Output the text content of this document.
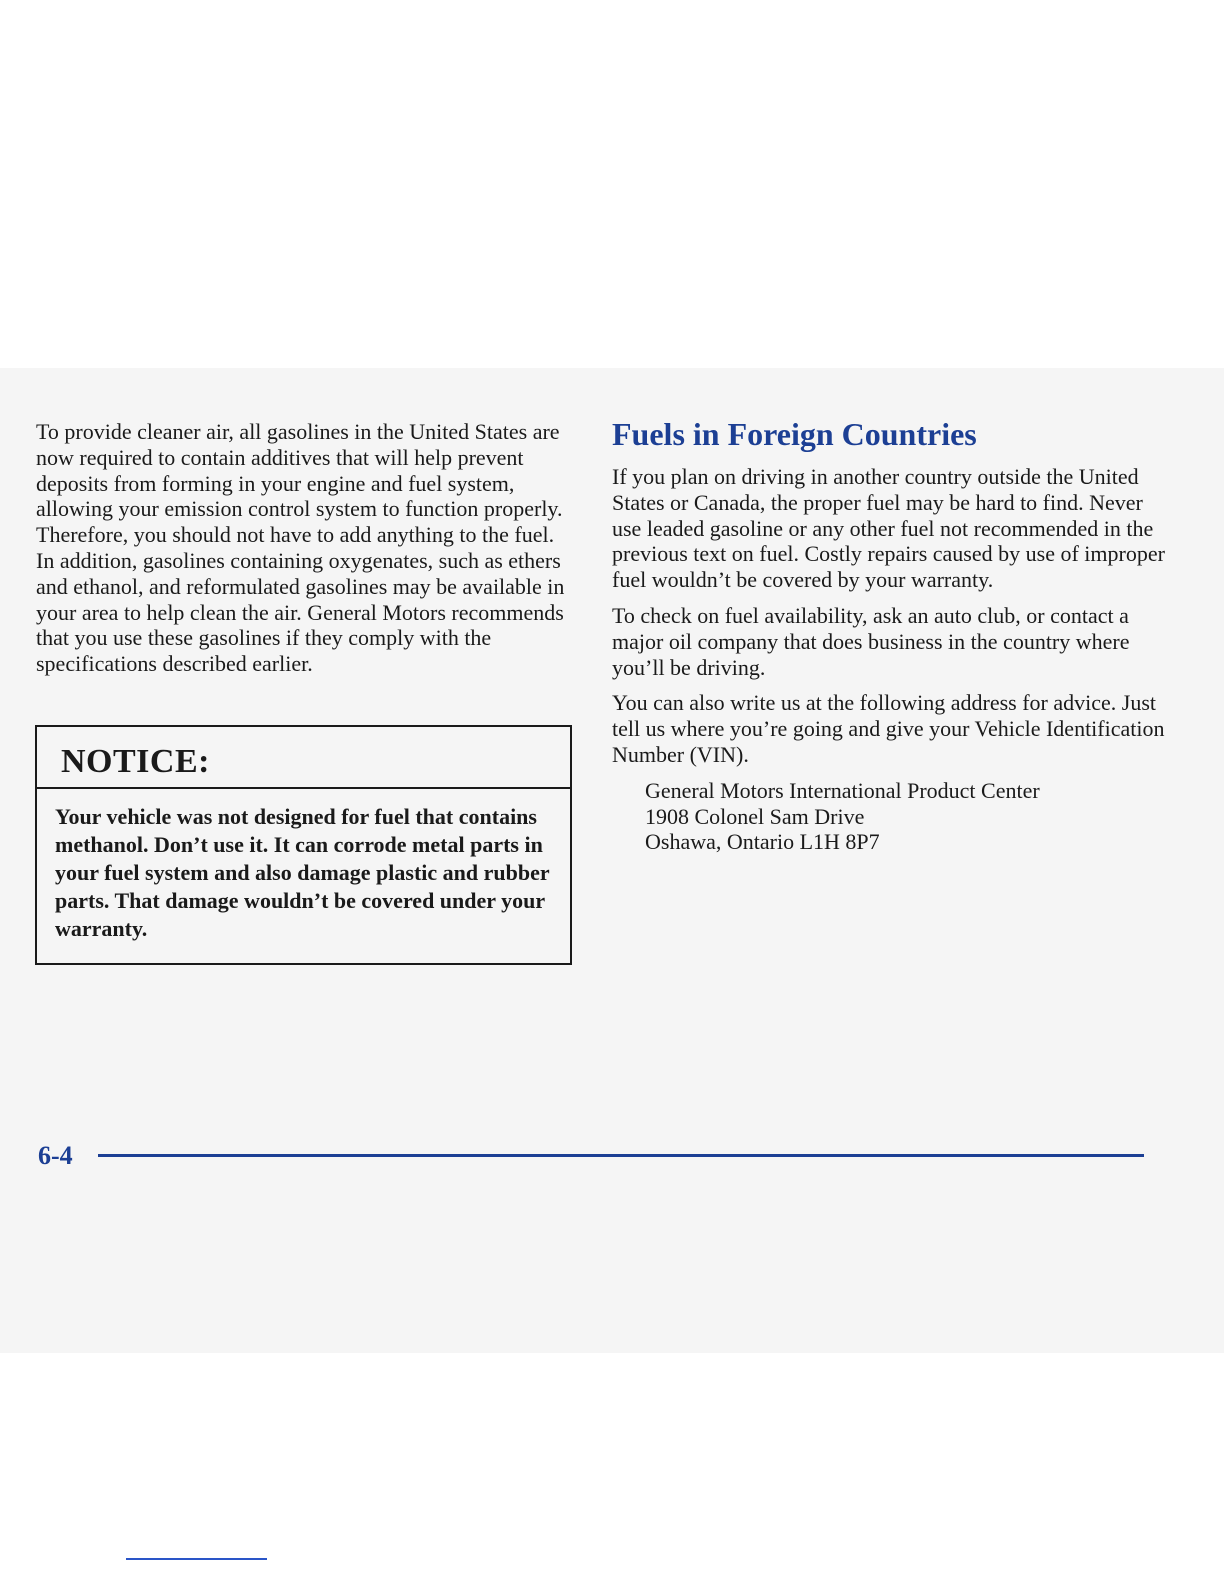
To provide cleaner air, all gasolines in the United States are now required to contain additives that will help prevent deposits from forming in your engine and fuel system, allowing your emission control system to function properly. Therefore, you should not have to add anything to the fuel. In addition, gasolines containing oxygenates, such as ethers and ethanol, and reformulated gasolines may be available in your area to help clean the air. General Motors recommends that you use these gasolines if they comply with the specifications described earlier.

NOTICE:
Your vehicle was not designed for fuel that contains methanol. Don’t use it. It can corrode metal parts in your fuel system and also damage plastic and rubber parts. That damage wouldn’t be covered under your warranty.
Fuels in Foreign Countries

If you plan on driving in another country outside the United States or Canada, the proper fuel may be hard to find. Never use leaded gasoline or any other fuel not recommended in the previous text on fuel. Costly repairs caused by use of improper fuel wouldn’t be covered by your warranty.

To check on fuel availability, ask an auto club, or contact a major oil company that does business in the country where you’ll be driving.

You can also write us at the following address for advice. Just tell us where you’re going and give your Vehicle Identification Number (VIN).

General Motors International Product Center
1908 Colonel Sam Drive
Oshawa, Ontario L1H 8P7
6-4
